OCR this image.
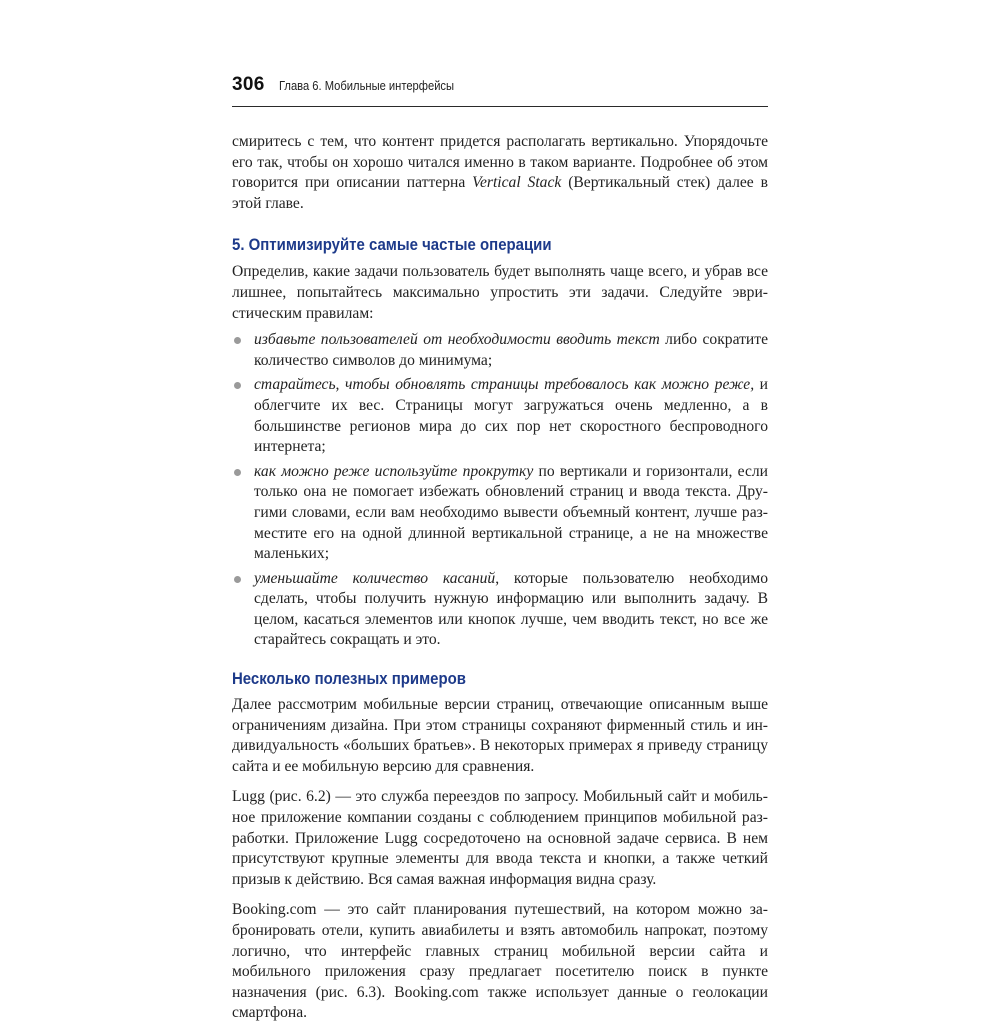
306 Глава 6. Мобильные интерфейсы

смиритесь с тем, что контент придется располагать вертикально. Упорядочьте его так, чтобы он хорошо читался именно в таком варианте. Подробнее об этом говорится при описании паттерна Vertical Stack (Вертикальный стек) далее в этой главе.

5. Оптимизируйте самые частые операции

Определив, какие задачи пользователь будет выполнять чаще всего, и убрав все лишнее, попытайтесь максимально упростить эти задачи. Следуйте эвристическим правилам:

избавьте пользователей от необходимости вводить текст либо сократите количество символов до минимума;

старайтесь, чтобы обновлять страницы требовалось как можно реже, и облегчите их вес. Страницы могут загружаться очень медленно, а в большинстве регионов мира до сих пор нет скоростного беспроводного интернета;

как можно реже используйте прокрутку по вертикали и горизонтали, если только она не помогает избежать обновлений страниц и ввода текста. Другими словами, если вам необходимо вывести объемный контент, лучше разместите его на одной длинной вертикальной странице, а не на множестве маленьких;

уменьшайте количество касаний, которые пользователю необходимо сделать, чтобы получить нужную информацию или выполнить задачу. В целом, касаться элементов или кнопок лучше, чем вводить текст, но все же старайтесь сокращать и это.

Несколько полезных примеров

Далее рассмотрим мобильные версии страниц, отвечающие описанным выше ограничениям дизайна. При этом страницы сохраняют фирменный стиль и индивидуальность «больших братьев». В некоторых примерах я приведу страницу сайта и ее мобильную версию для сравнения.

Lugg (рис. 6.2) — это служба переездов по запросу. Мобильный сайт и мобильное приложение компании созданы с соблюдением принципов мобильной разработки. Приложение Lugg сосредоточено на основной задаче сервиса. В нем присутствуют крупные элементы для ввода текста и кнопки, а также четкий призыв к действию. Вся самая важная информация видна сразу.

Booking.com — это сайт планирования путешествий, на котором можно забронировать отели, купить авиабилеты и взять автомобиль напрокат, поэтому логично, что интерфейс главных страниц мобильной версии сайта и мобильного приложения сразу предлагает посетителю поиск в пункте назначения (рис. 6.3). Booking.com также использует данные о геолокации смартфона.
